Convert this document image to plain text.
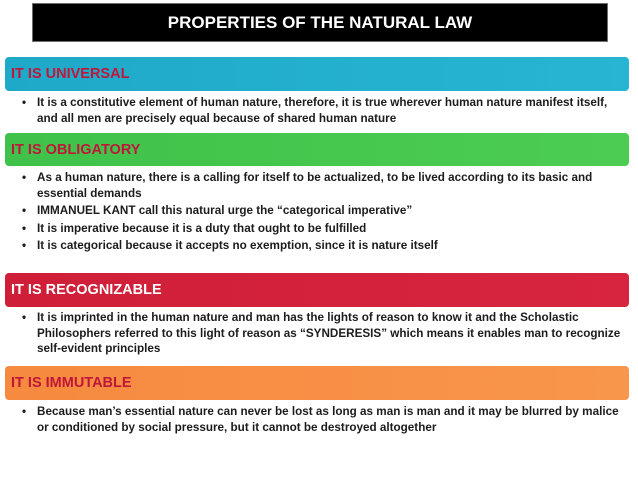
PROPERTIES OF THE NATURAL LAW
IT IS UNIVERSAL
• It is a constitutive element of human nature, therefore, it is true wherever human nature manifest itself, and all men are precisely equal because of shared human nature
IT IS OBLIGATORY
• As a human nature, there is a calling for itself to be actualized, to be lived according to its basic and essential demands
• IMMANUEL KANT call this natural urge the “categorical imperative”
• It is imperative because it is a duty that ought to be fulfilled
• It is categorical because it accepts no exemption, since it is nature itself
IT IS RECOGNIZABLE
• It is imprinted in the human nature and man has the lights of reason to know it and the Scholastic Philosophers referred to this light of reason as “SYNDERESIS” which means it enables man to recognize self-evident principles
IT IS IMMUTABLE
• Because man’s essential nature can never be lost as long as man is man and it may be blurred by malice or conditioned by social pressure, but it cannot be destroyed altogether
